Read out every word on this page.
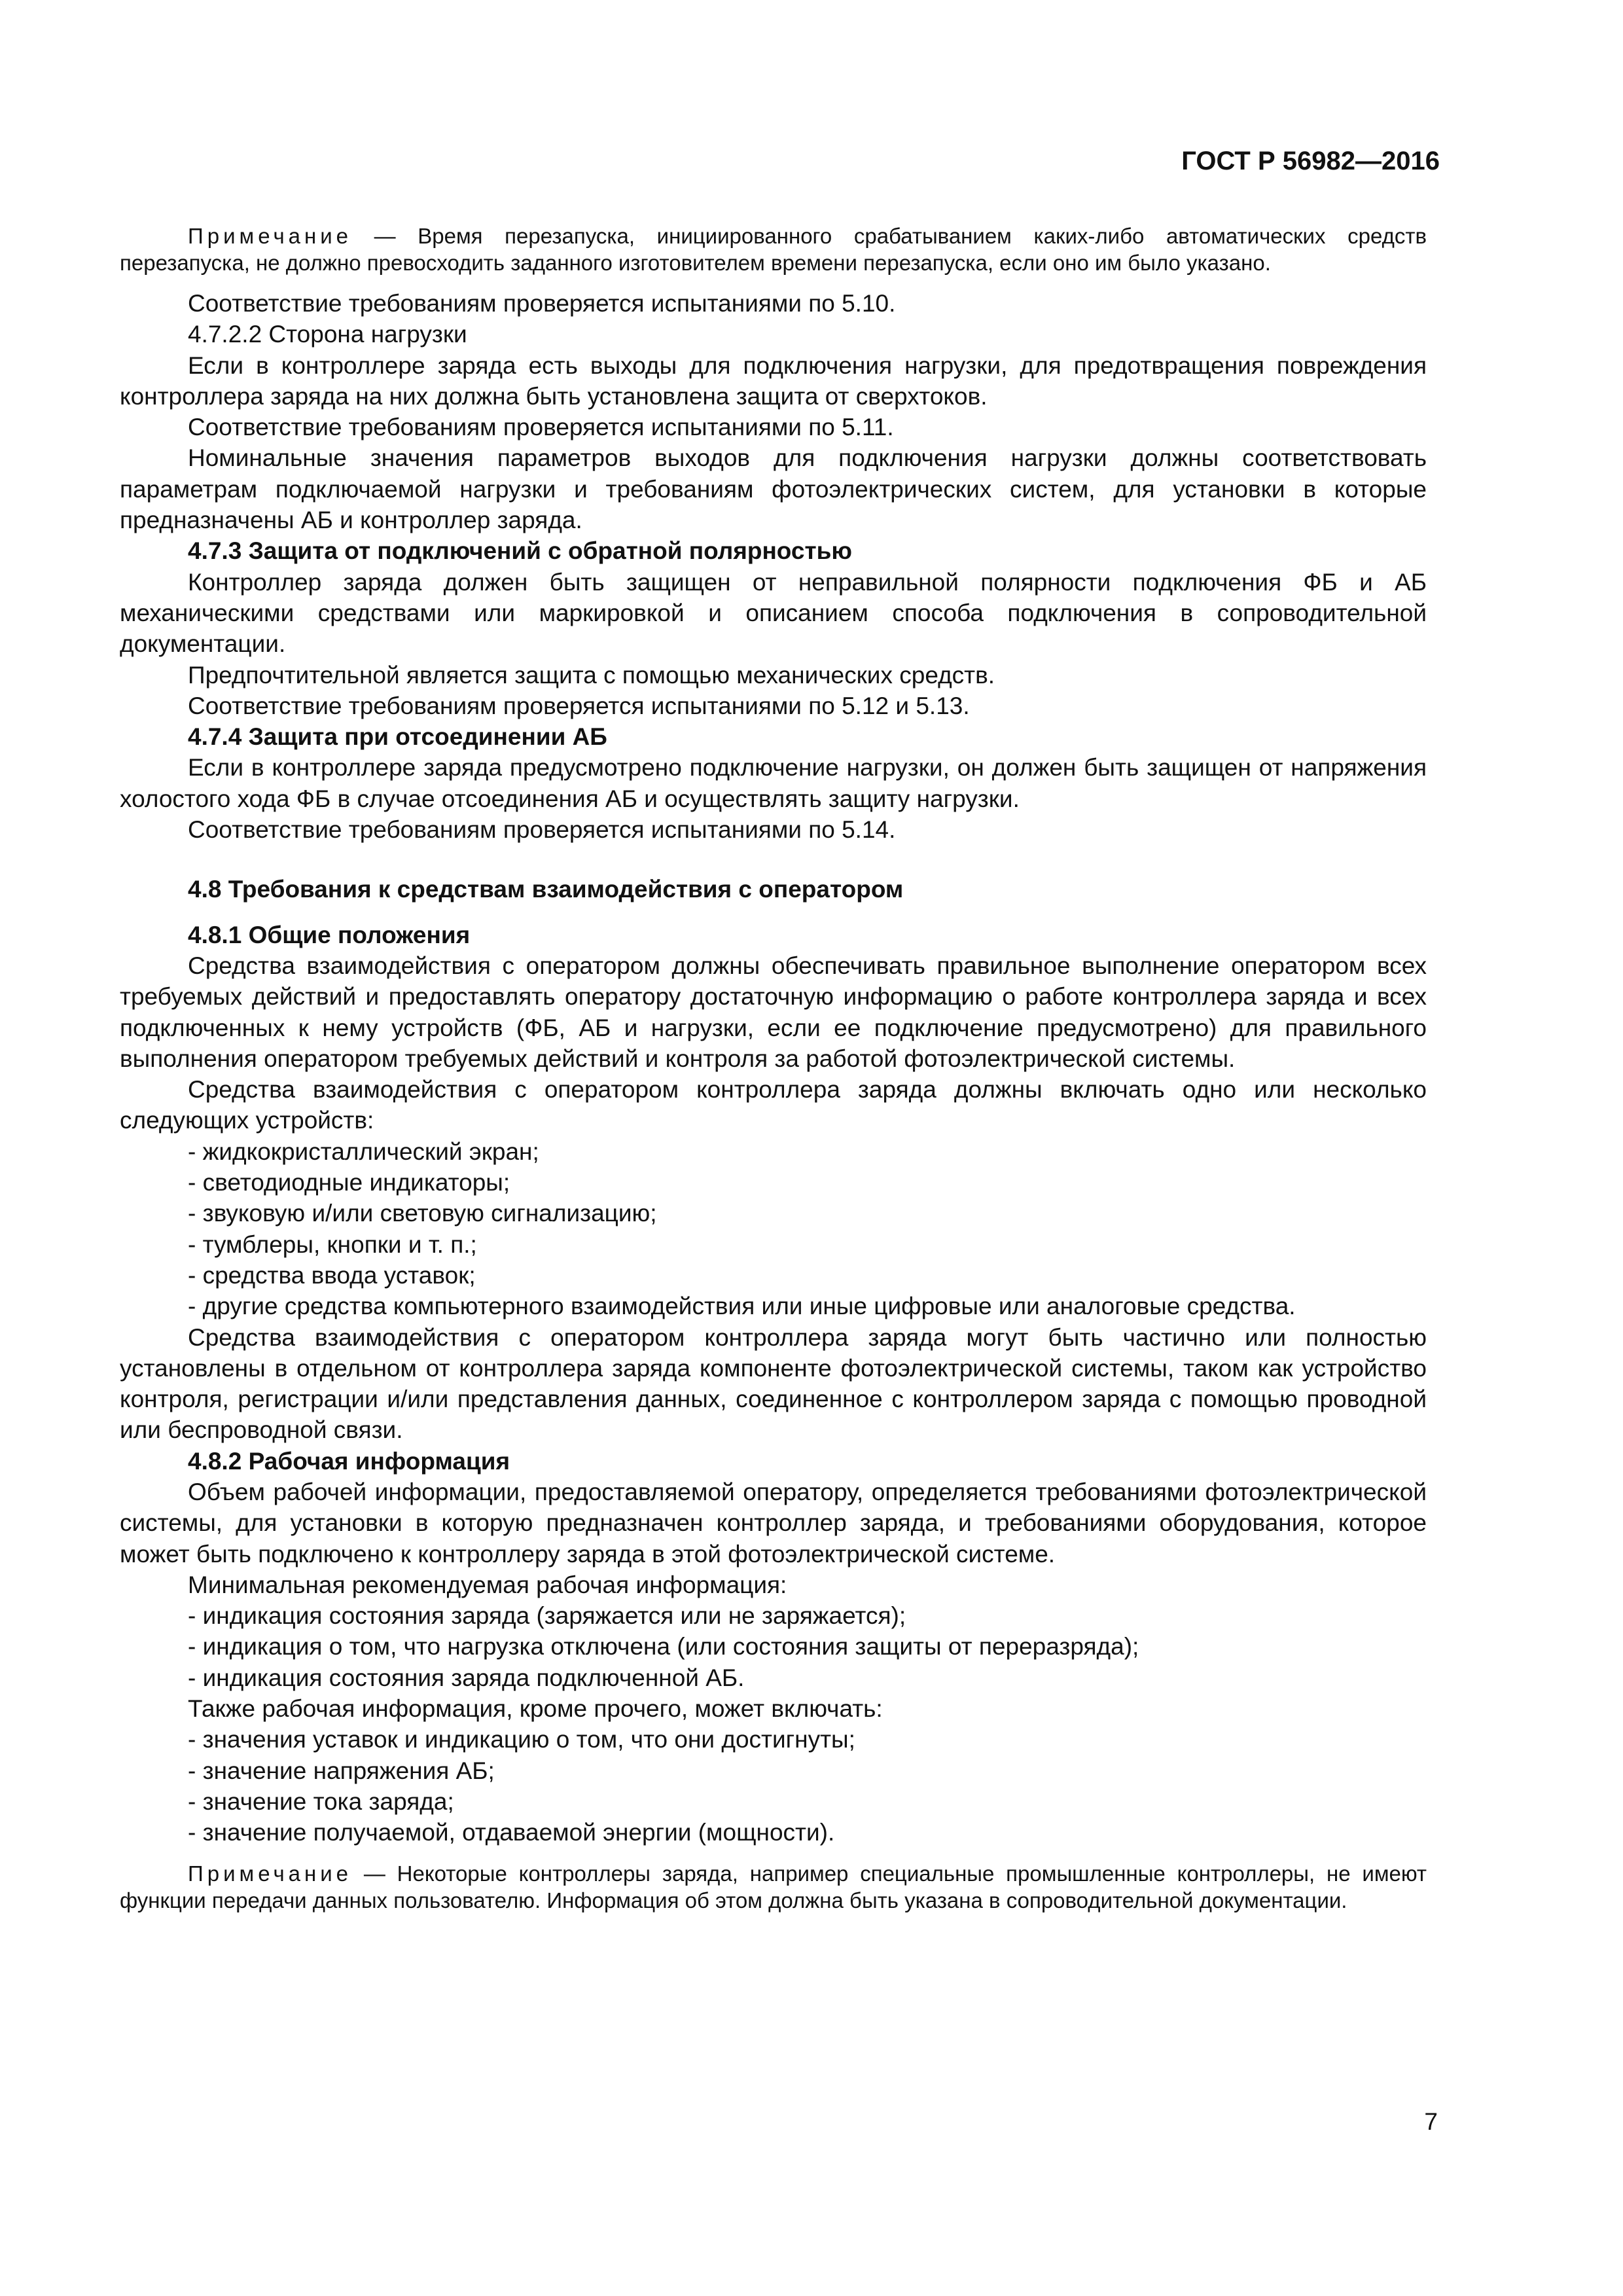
ГОСТ Р 56982—2016

Примечание — Время перезапуска, инициированного срабатыванием каких-либо автоматических средств перезапуска, не должно превосходить заданного изготовителем времени перезапуска, если оно им было указано.

Соответствие требованиям проверяется испытаниями по 5.10.

4.7.2.2 Сторона нагрузки

Если в контроллере заряда есть выходы для подключения нагрузки, для предотвращения повреждения контроллера заряда на них должна быть установлена защита от сверхтоков.

Соответствие требованиям проверяется испытаниями по 5.11.

Номинальные значения параметров выходов для подключения нагрузки должны соответствовать параметрам подключаемой нагрузки и требованиям фотоэлектрических систем, для установки в которые предназначены АБ и контроллер заряда.

4.7.3 Защита от подключений с обратной полярностью

Контроллер заряда должен быть защищен от неправильной полярности подключения ФБ и АБ механическими средствами или маркировкой и описанием способа подключения в сопроводительной документации.

Предпочтительной является защита с помощью механических средств.

Соответствие требованиям проверяется испытаниями по 5.12 и 5.13.

4.7.4 Защита при отсоединении АБ

Если в контроллере заряда предусмотрено подключение нагрузки, он должен быть защищен от напряжения холостого хода ФБ в случае отсоединения АБ и осуществлять защиту нагрузки.

Соответствие требованиям проверяется испытаниями по 5.14.

4.8 Требования к средствам взаимодействия с оператором

4.8.1 Общие положения

Средства взаимодействия с оператором должны обеспечивать правильное выполнение оператором всех требуемых действий и предоставлять оператору достаточную информацию о работе контроллера заряда и всех подключенных к нему устройств (ФБ, АБ и нагрузки, если ее подключение предусмотрено) для правильного выполнения оператором требуемых действий и контроля за работой фотоэлектрической системы.

Средства взаимодействия с оператором контроллера заряда должны включать одно или несколько следующих устройств:

- жидкокристаллический экран;

- светодиодные индикаторы;

- звуковую и/или световую сигнализацию;

- тумблеры, кнопки и т. п.;

- средства ввода уставок;

- другие средства компьютерного взаимодействия или иные цифровые или аналоговые средства.

Средства взаимодействия с оператором контроллера заряда могут быть частично или полностью установлены в отдельном от контроллера заряда компоненте фотоэлектрической системы, таком как устройство контроля, регистрации и/или представления данных, соединенное с контроллером заряда с помощью проводной или беспроводной связи.

4.8.2 Рабочая информация

Объем рабочей информации, предоставляемой оператору, определяется требованиями фотоэлектрической системы, для установки в которую предназначен контроллер заряда, и требованиями оборудования, которое может быть подключено к контроллеру заряда в этой фотоэлектрической системе.

Минимальная рекомендуемая рабочая информация:

- индикация состояния заряда (заряжается или не заряжается);

- индикация о том, что нагрузка отключена (или состояния защиты от переразряда);

- индикация состояния заряда подключенной АБ.

Также рабочая информация, кроме прочего, может включать:

- значения уставок и индикацию о том, что они достигнуты;

- значение напряжения АБ;

- значение тока заряда;

- значение получаемой, отдаваемой энергии (мощности).

Примечание — Некоторые контроллеры заряда, например специальные промышленные контроллеры, не имеют функции передачи данных пользователю. Информация об этом должна быть указана в сопроводительной документации.

7
